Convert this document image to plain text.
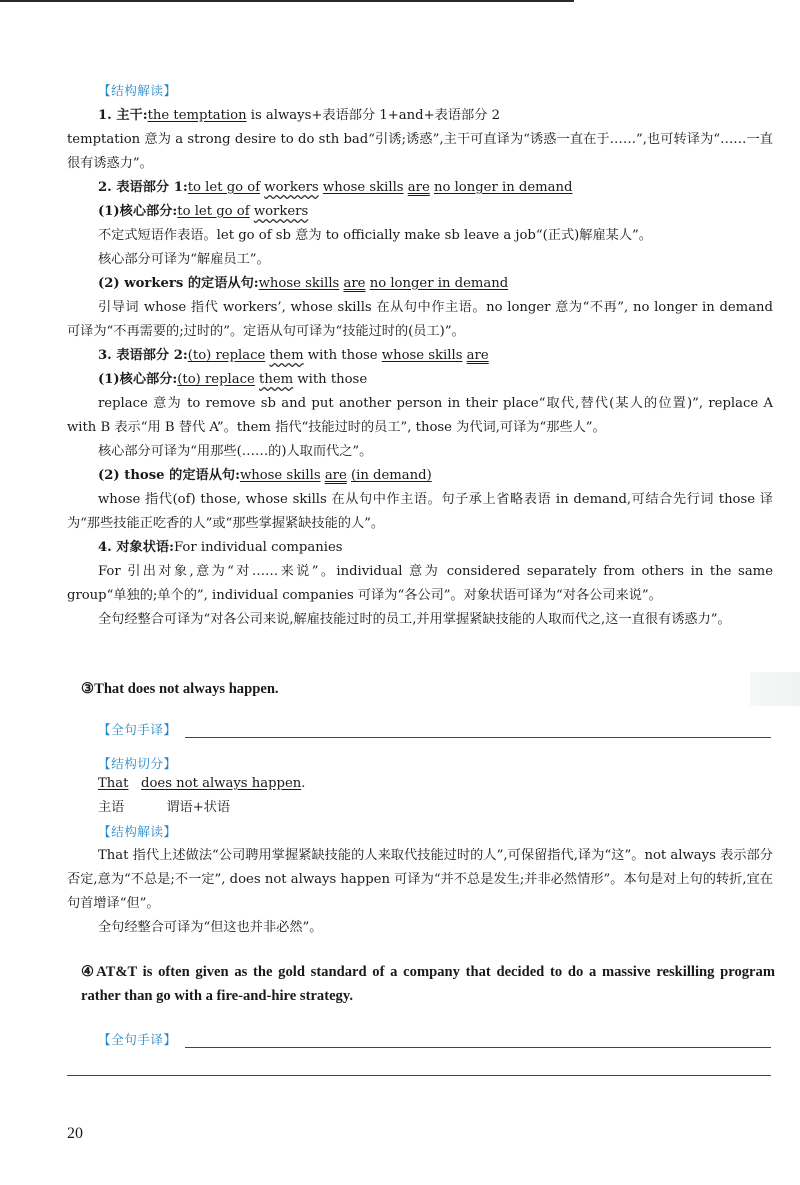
【结构解读】

1. 主干:the temptation is always+表语部分 1+and+表语部分 2

temptation 意为 a strong desire to do sth bad“引诱;诱惑”,主干可直译为“诱惑一直在于……”,也可转译为“……一直很有诱惑力”。

2. 表语部分 1:to let go of workers whose skills are no longer in demand

(1)核心部分:to let go of workers

不定式短语作表语。let go of sb 意为 to officially make sb leave a job“(正式)解雇某人”。

核心部分可译为“解雇员工”。

(2) workers 的定语从句:whose skills are no longer in demand

引导词 whose 指代 workers’, whose skills 在从句中作主语。no longer 意为“不再”, no longer in demand 可译为“不再需要的;过时的”。定语从句可译为“技能过时的(员工)”。

3. 表语部分 2:(to) replace them with those whose skills are

(1)核心部分:(to) replace them with those

replace 意为 to remove sb and put another person in their place“取代,替代(某人的位置)”, replace A with B 表示“用 B 替代 A”。them 指代“技能过时的员工”, those 为代词,可译为“那些人”。

核心部分可译为“用那些(……的)人取而代之”。

(2) those 的定语从句:whose skills are (in demand)

whose 指代(of) those, whose skills 在从句中作主语。句子承上省略表语 in demand,可结合先行词 those 译为“那些技能正吃香的人”或“那些掌握紧缺技能的人”。

4. 对象状语:For individual companies

For 引出对象,意为“对……来说”。individual 意为 considered separately from others in the same group“单独的;单个的”, individual companies 可译为“各公司”。对象状语可译为“对各公司来说”。

全句经整合可译为“对各公司来说,解雇技能过时的员工,并用掌握紧缺技能的人取而代之,这一直很有诱惑力”。

③That does not always happen.

【全句手译】
【结构切分】

That does not always happen.

主语	谓语+状语

【结构解读】

That 指代上述做法“公司聘用掌握紧缺技能的人来取代技能过时的人”,可保留指代,译为“这”。not always 表示部分否定,意为“不总是;不一定”, does not always happen 可译为“并不总是发生;并非必然情形”。本句是对上句的转折,宜在句首增译“但”。

全句经整合可译为“但这也并非必然”。

④AT&T is often given as the gold standard of a company that decided to do a massive reskilling program rather than go with a fire-and-hire strategy.

【全句手译】
20
